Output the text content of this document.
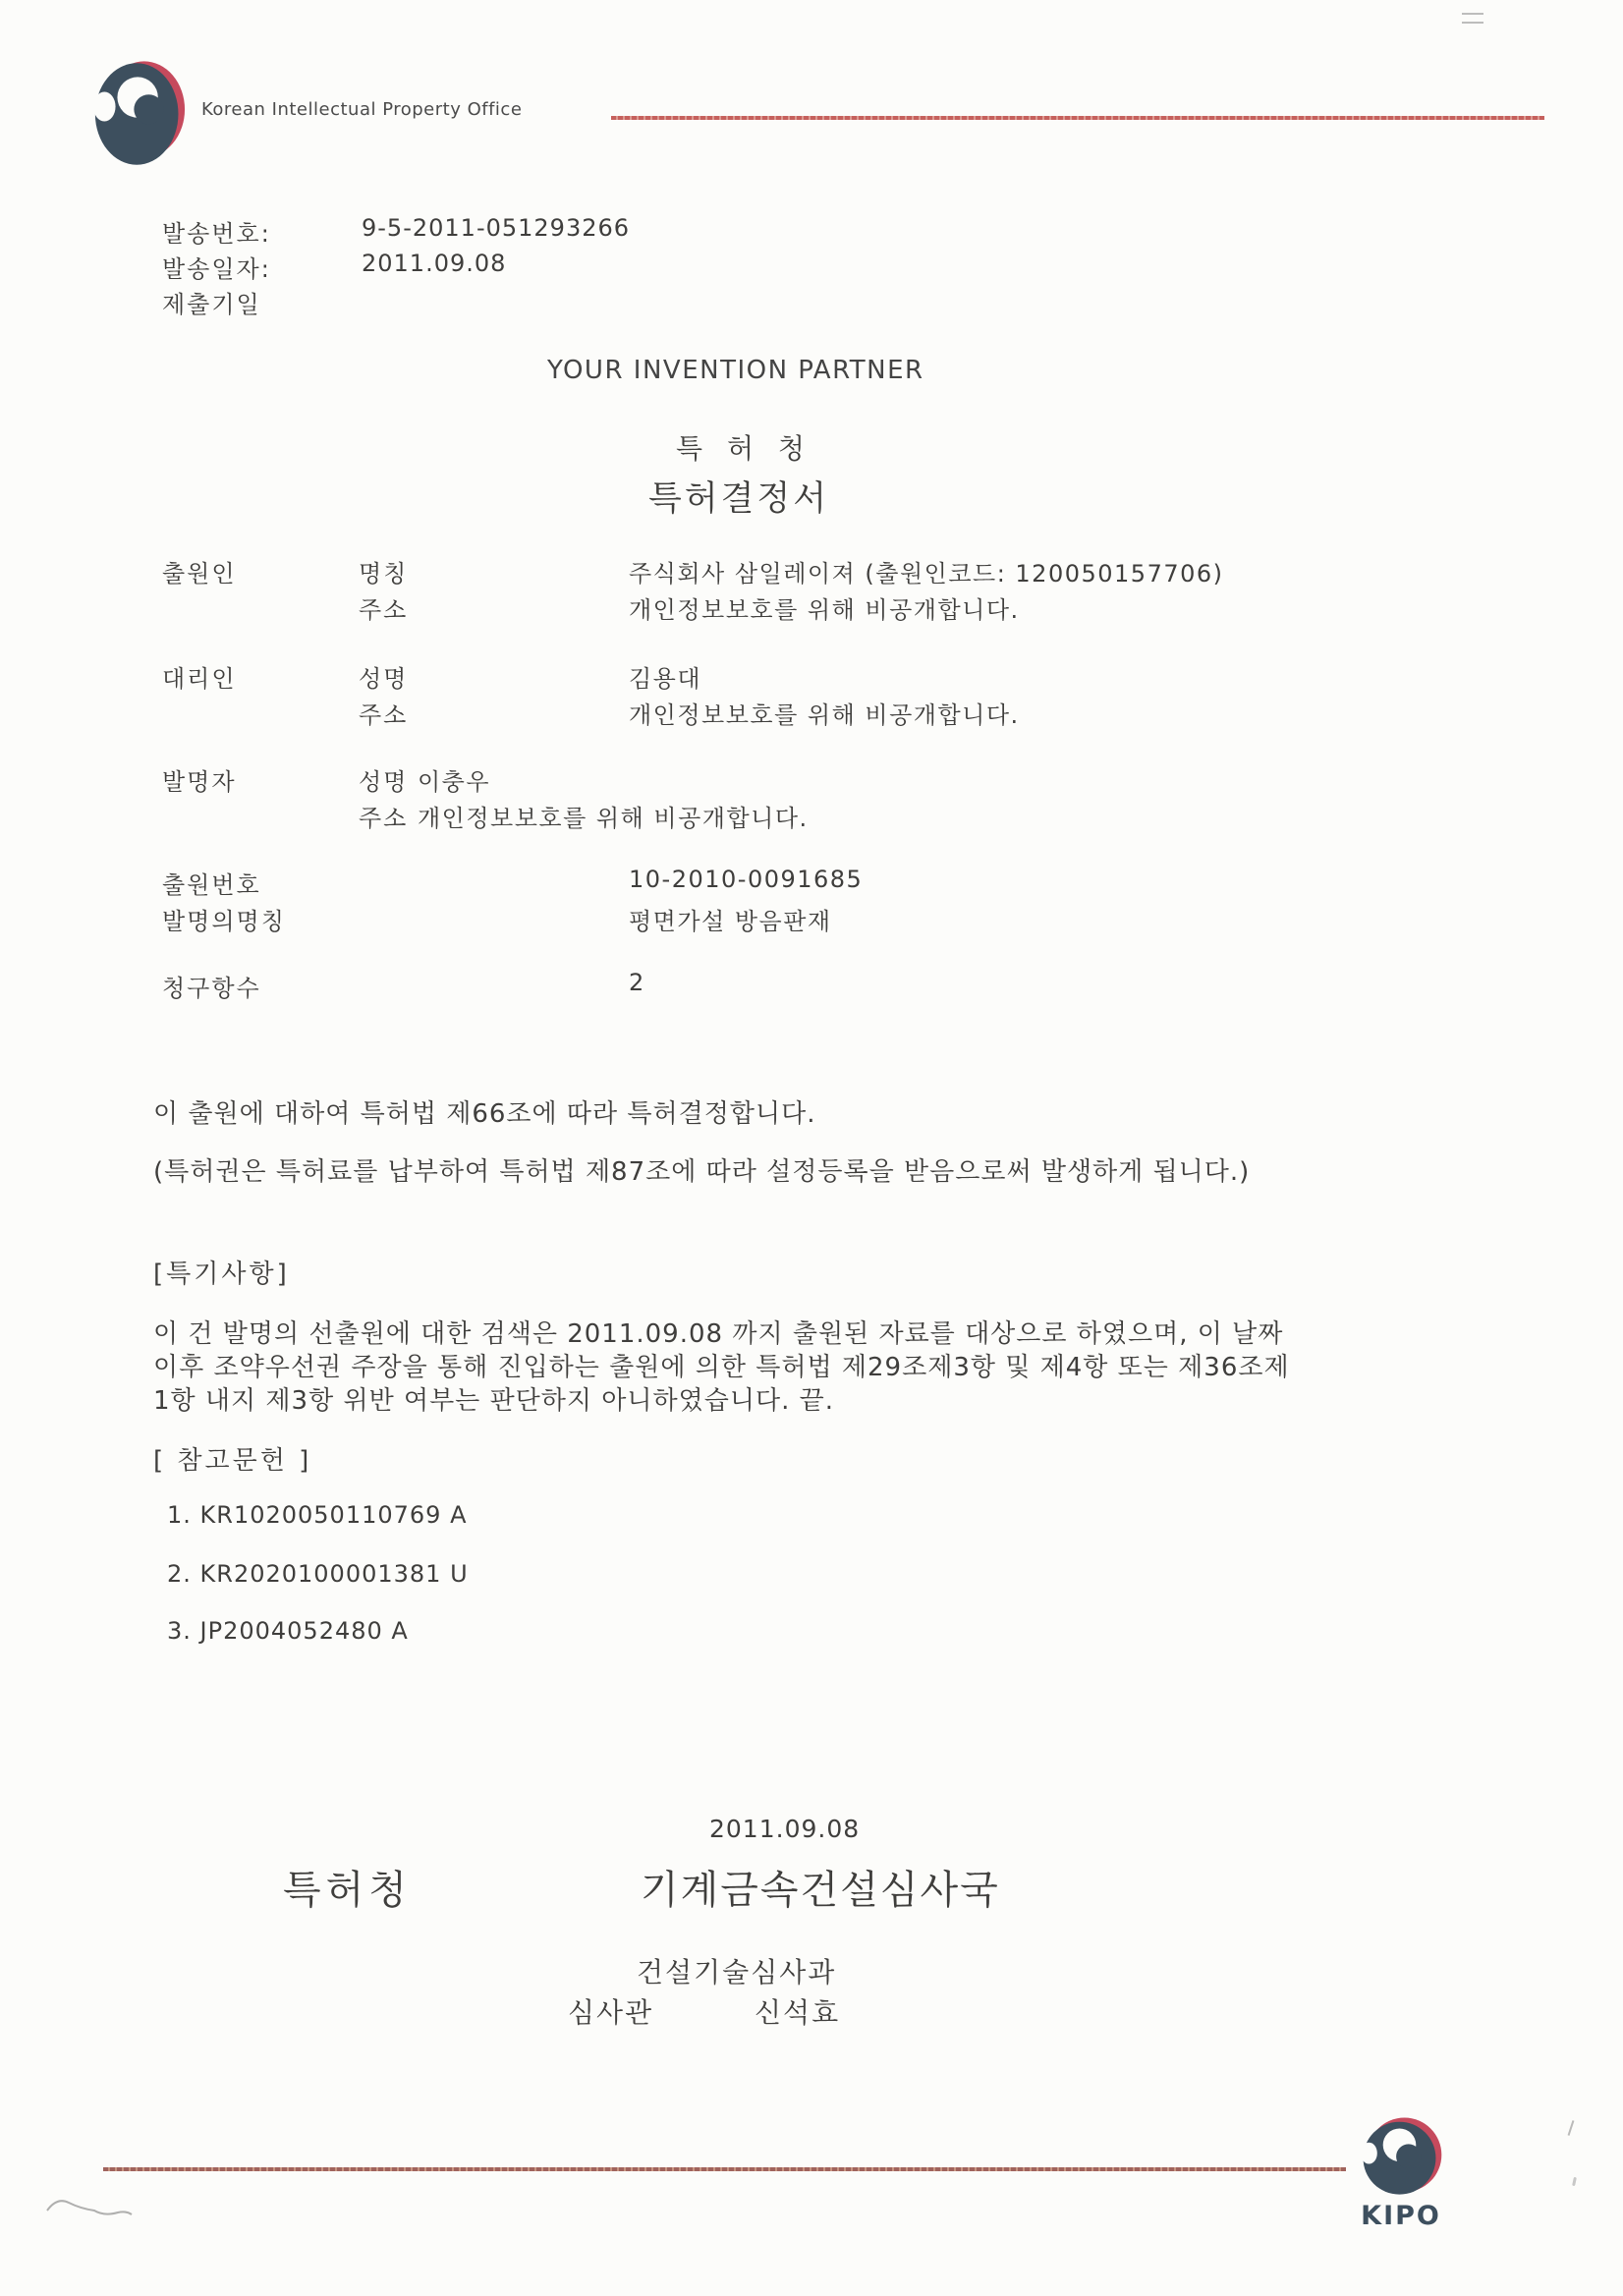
Korean Intellectual Property Office
발송번호:	9-5-2011-051293266
발송일자:	2011.09.08
제출기일
YOUR INVENTION PARTNER
특 허 청
특허결정서
출원인	명칭	주식회사 삼일레이져 (출원인코드: 120050157706)
주소	개인정보보호를 위해 비공개합니다.
대리인	성명	김용대
주소	개인정보보호를 위해 비공개합니다.
발명자	성명 이충우
주소 개인정보보호를 위해 비공개합니다.
출원번호	10-2010-0091685
발명의명칭	평면가설 방음판재
청구항수	2
이 출원에 대하여 특허법 제66조에 따라 특허결정합니다.
(특허권은 특허료를 납부하여 특허법 제87조에 따라 설정등록을 받음으로써 발생하게 됩니다.)
[특기사항]
이 건 발명의 선출원에 대한 검색은 2011.09.08 까지 출원된 자료를 대상으로 하였으며, 이 날짜
이후 조약우선권 주장을 통해 진입하는 출원에 의한 특허법 제29조제3항 및 제4항 또는 제36조제
1항 내지 제3항 위반 여부는 판단하지 아니하였습니다. 끝.
[ 참고문헌 ]
1. KR1020050110769 A
2. KR2020100001381 U
3. JP2004052480 A
2011.09.08
특허청	기계금속건설심사국
건설기술심사과
심사관	신석효
KIPO
